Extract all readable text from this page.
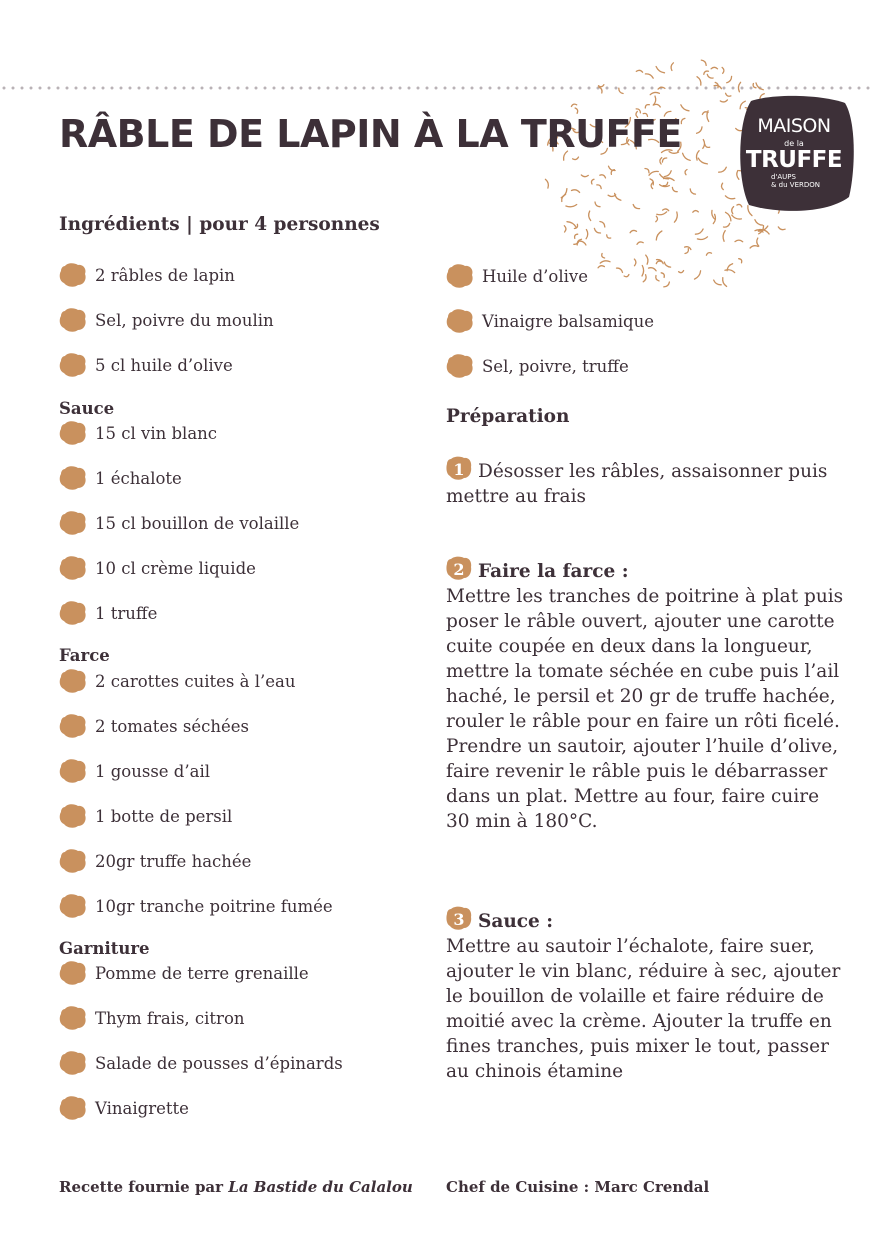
MAISON
de la
TRUFFE
d'AUPS
& du VERDON
RÂBLE DE LAPIN À LA TRUFFE
Ingrédients | pour 4 personnes
2 râbles de lapin
Sel, poivre du moulin
5 cl huile d’olive
Sauce
15 cl vin blanc
1 échalote
15 cl bouillon de volaille
10 cl crème liquide
1 truffe
Farce
2 carottes cuites à l’eau
2 tomates séchées
1 gousse d’ail
1 botte de persil
20gr truffe hachée
10gr tranche poitrine fumée
Garniture
Pomme de terre grenaille
Thym frais, citron
Salade de pousses d’épinards
Vinaigrette
Huile d’olive
Vinaigre balsamique
Sel, poivre, truffe
Préparation
1 Désosser les râbles, assaisonner puis mettre au frais
2 Faire la farce :
Mettre les tranches de poitrine à plat puis poser le râble ouvert, ajouter une carotte cuite coupée en deux dans la longueur, mettre la tomate séchée en cube puis l’ail haché, le persil et 20 gr de truffe hachée, rouler le râble pour en faire un rôti ficelé.
Prendre un sautoir, ajouter l’huile d’olive, faire revenir le râble puis le débarrasser dans un plat. Mettre au four, faire cuire 30 min à 180°C.
3 Sauce :
Mettre au sautoir l’échalote, faire suer, ajouter le vin blanc, réduire à sec, ajouter le bouillon de volaille et faire réduire de moitié avec la crème. Ajouter la truffe en fines tranches, puis mixer le tout, passer au chinois étamine
Recette fournie par La Bastide du Calalou Chef de Cuisine : Marc Crendal
